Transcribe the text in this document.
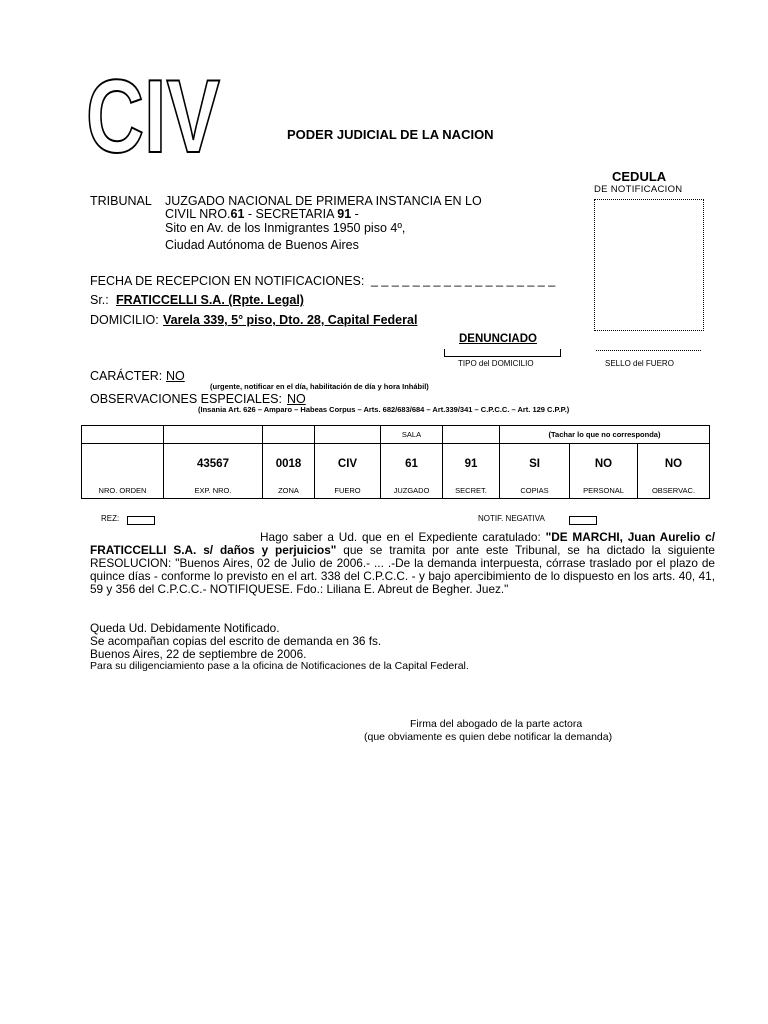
CIV	PODER JUDICIAL DE LA NACION
CEDULA
DE NOTIFICACION
TRIBUNAL JUZGADO NACIONAL DE PRIMERA INSTANCIA EN LO
CIVIL NRO.61 - SECRETARIA 91 -
Sito en Av. de los Inmigrantes 1950 piso 4º,
Ciudad Autónoma de Buenos Aires
FECHA DE RECEPCION EN NOTIFICACIONES: _ _ _ _ _ _ _ _ _ _ _ _ _ _ _ _ _ _
Sr.: FRATICCELLI S.A. (Rpte. Legal)
DOMICILIO: Varela 339, 5° piso, Dto. 28, Capital Federal
DENUNCIADO
TIPO del DOMICILIO	SELLO del FUERO
CARÁCTER: NO
(urgente, notificar en el día, habilitación de día y hora Inhábil)
OBSERVACIONES ESPECIALES: NO
(Insania Art. 626 – Amparo – Habeas Corpus – Arts. 682/683/684 – Art.339/341 – C.P.C.C. – Art. 129 C.P.P.)
				SALA		(Tachar lo que no corresponda)		
	43567	0018	CIV	61	91	SI	NO	NO
NRO. ORDEN	EXP. NRO.	ZONA	FUERO	JUZGADO	SECRET.	COPIAS	PERSONAL	OBSERVAC.
REZ:	NOTIF. NEGATIVA

Hago saber a Ud. que en el Expediente caratulado: "DE MARCHI, Juan Aurelio c/ FRATICCELLI S.A. s/ daños y perjuicios" que se tramita por ante este Tribunal, se ha dictado la siguiente RESOLUCION: "Buenos Aires, 02 de Julio de 2006.- ... .-De la demanda interpuesta, córrase traslado por el plazo de quince días - conforme lo previsto en el art. 338 del C.P.C.C. - y bajo apercibimiento de lo dispuesto en los arts. 40, 41, 59 y 356 del C.P.C.C.- NOTIFIQUESE. Fdo.: Liliana E. Abreut de Begher. Juez."

Queda Ud. Debidamente Notificado.
Se acompañan copias del escrito de demanda en 36 fs.
Buenos Aires, 22 de septiembre de 2006.
Para su diligenciamiento pase a la oficina de Notificaciones de la Capital Federal.
Firma del abogado de la parte actora
(que obviamente es quien debe notificar la demanda)
